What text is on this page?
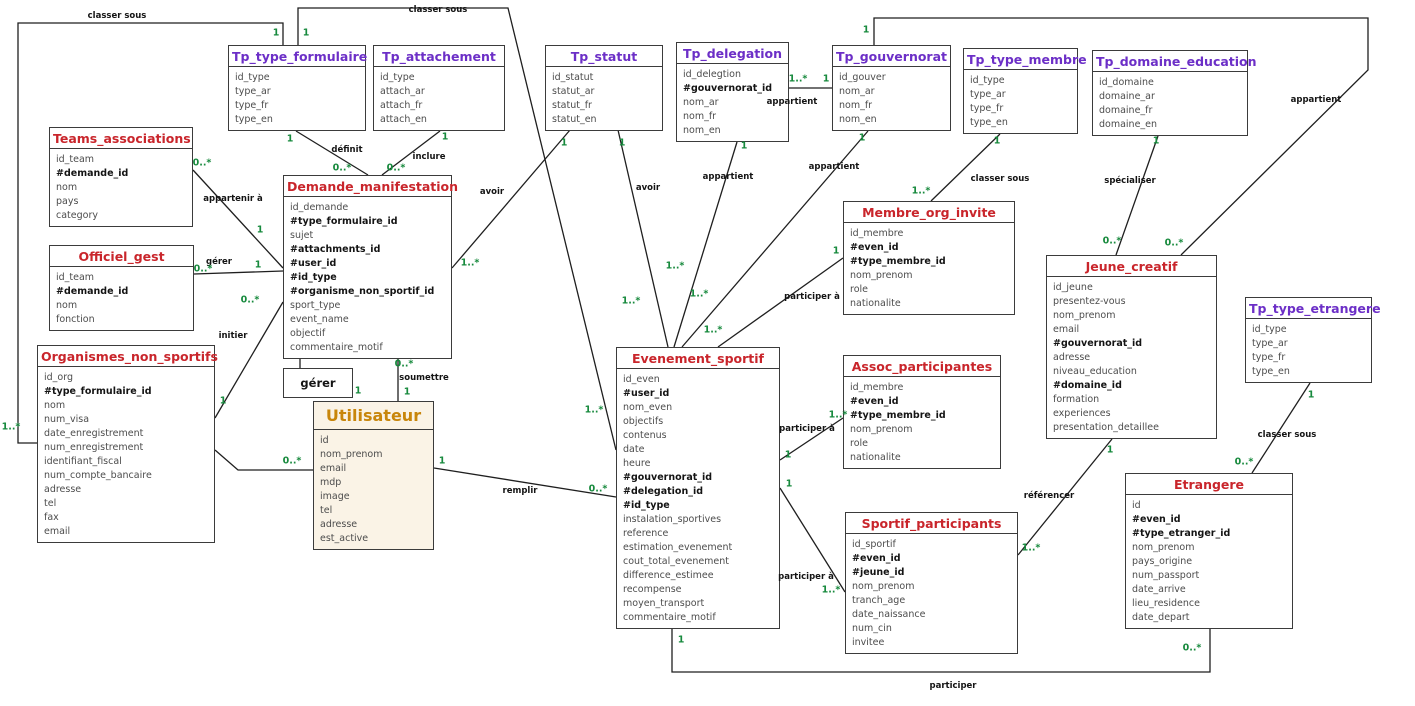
Tp_type_formulaire
id_type
type_ar
type_fr
type_en
Tp_attachement
id_type
attach_ar
attach_fr
attach_en
Teams_associations
id_team
#demande_id
nom
pays
category
Officiel_gest
id_team
#demande_id
nom
fonction
Demande_manifestation
id_demande
#type_formulaire_id
sujet
#attachments_id
#user_id
#id_type
#organisme_non_sportif_id
sport_type
event_name
objectif
commentaire_motif
Tp_statut
id_statut
statut_ar
statut_fr
statut_en
Tp_delegation
id_delegtion
#gouvernorat_id
nom_ar
nom_fr
nom_en
Tp_gouvernorat
id_gouver
nom_ar
nom_fr
nom_en
Tp_type_membre
id_type
type_ar
type_fr
type_en
Tp_domaine_education
id_domaine
domaine_ar
domaine_fr
domaine_en
Membre_org_invite
id_membre
#even_id
#type_membre_id
nom_prenom
role
nationalite
Jeune_creatif
id_jeune
presentez-vous
nom_prenom
email
#gouvernorat_id
adresse
niveau_education
#domaine_id
formation
experiences
presentation_detaillee
Tp_type_etrangere
id_type
type_ar
type_fr
type_en
Organismes_non_sportifs
id_org
#type_formulaire_id
nom
num_visa
date_enregistrement
num_enregistrement
identifiant_fiscal
num_compte_bancaire
adresse
tel
fax
email
gérer
Utilisateur
id
nom_prenom
email
mdp
image
tel
adresse
est_active
Evenement_sportif
id_even
#user_id
nom_even
objectifs
contenus
date
heure
#gouvernorat_id
#delegation_id
#id_type
instalation_sportives
reference
estimation_evenement
cout_total_evenement
difference_estimee
recompense
moyen_transport
commentaire_motif
Assoc_participantes
id_membre
#even_id
#type_membre_id
nom_prenom
role
nationalite
Sportif_participants
id_sportif
#even_id
#jeune_id
nom_prenom
tranch_age
date_naissance
num_cin
invitee
Etrangere
id
#even_id
#type_etranger_id
nom_prenom
pays_origine
num_passport
date_arrive
lieu_residence
date_depart
définit
1
0..*
inclure
1
0..*
classer sous
1
1..*
classer sous
1
1..*
avoir
1
1..*
avoir
1
1..*
appartient
1
1..*
appartient
1..* 1
appartient
1
1..*
appartient
1
0..*
classer sous
1
1..*
spécialiser
1
0..*
participer à
1
1..*
participer à
1
1..*
participer à
1
1..*
référencer
1
1..*
classer sous
1
0..*
participer
1
0..*
remplir
1
0..*
soumettre
0..*
1
1
appartenir à
0..*
1
gérer
0..*	1
initier
0..*
1
0..*
